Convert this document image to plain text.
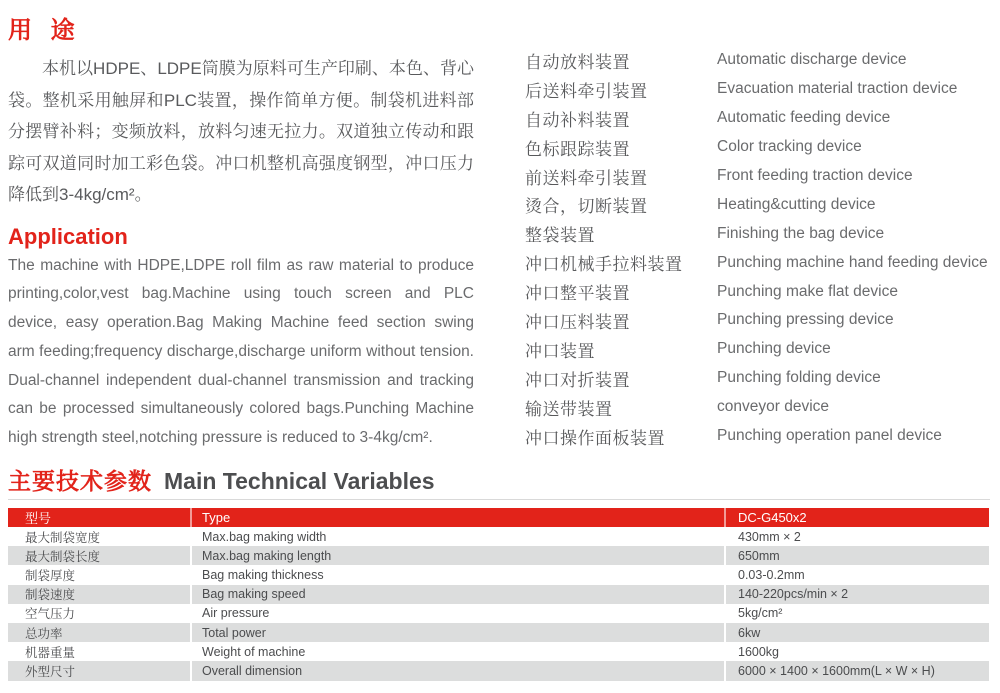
用 途

本机以HDPE、LDPE筒膜为原料可生产印刷、本色、背心袋。整机采用触屏和PLC装置，操作简单方便。制袋机进料部分摆臂补料；变频放料，放料匀速无拉力。双道独立传动和跟踪可双道同时加工彩色袋。冲口机整机高强度钢型，冲口压力降低到3-4kg/cm²。

Application

The machine with HDPE,LDPE roll film as raw material to produce printing,color,vest bag.Machine using touch screen and PLC device, easy operation.Bag Making Machine feed section swing arm feeding;frequency discharge,discharge uniform without tension. Dual-channel independent dual-channel transmission and tracking can be processed simultaneously colored bags.Punching Machine high strength steel,notching pressure is reduced to 3-4kg/cm².

自动放料装置	Automatic discharge device
后送料牵引装置	Evacuation material traction device
自动补料装置	Automatic feeding device
色标跟踪装置	Color tracking device
前送料牵引装置	Front feeding traction device
烫合，切断装置	Heating&cutting device
整袋装置	Finishing the bag device
冲口机械手拉料装置	Punching machine hand feeding device
冲口整平装置	Punching make flat device
冲口压料装置	Punching pressing device
冲口装置	Punching device
冲口对折装置	Punching folding device
输送带装置	conveyor device
冲口操作面板装置	Punching operation panel device
主要技术参数 Main Technical Variables
型号	Type	DC-G450x2
最大制袋宽度	Max.bag making width	430mm × 2
最大制袋长度	Max.bag making length	650mm
制袋厚度	Bag making thickness	0.03-0.2mm
制袋速度	Bag making speed	140-220pcs/min × 2
空气压力	Air pressure	5kg/cm²
总功率	Total power	6kw
机器重量	Weight of machine	1600kg
外型尺寸	Overall dimension	6000 × 1400 × 1600mm(L × W × H)
